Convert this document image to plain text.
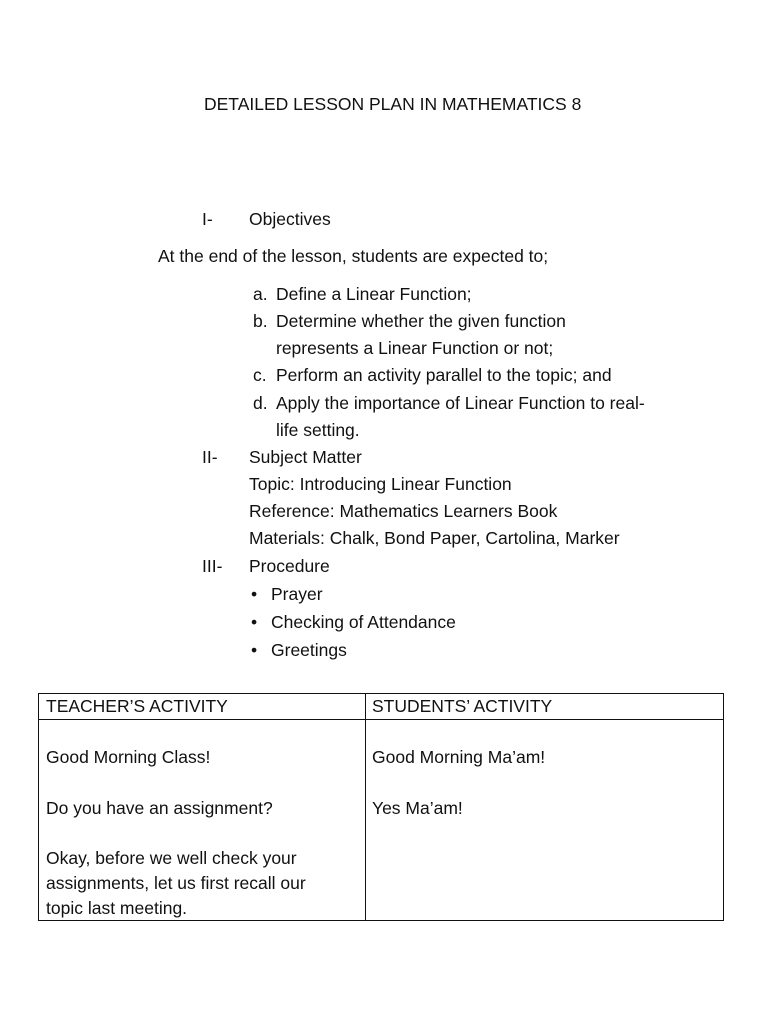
DETAILED LESSON PLAN IN MATHEMATICS 8
I- Objectives
At the end of the lesson, students are expected to;
a. Define a Linear Function;
b. Determine whether the given function
represents a Linear Function or not;
c. Perform an activity parallel to the topic; and
d. Apply the importance of Linear Function to real-
life setting.
II- Subject Matter
Topic: Introducing Linear Function
Reference: Mathematics Learners Book
Materials: Chalk, Bond Paper, Cartolina, Marker
III- Procedure
• Prayer
• Checking of Attendance
• Greetings
TEACHER’S ACTIVITY	STUDENTS’ ACTIVITY
Good Morning Class!
Do you have an assignment?
Okay, before we well check your
assignments, let us first recall our
topic last meeting.
Good Morning Ma’am!
Yes Ma’am!
